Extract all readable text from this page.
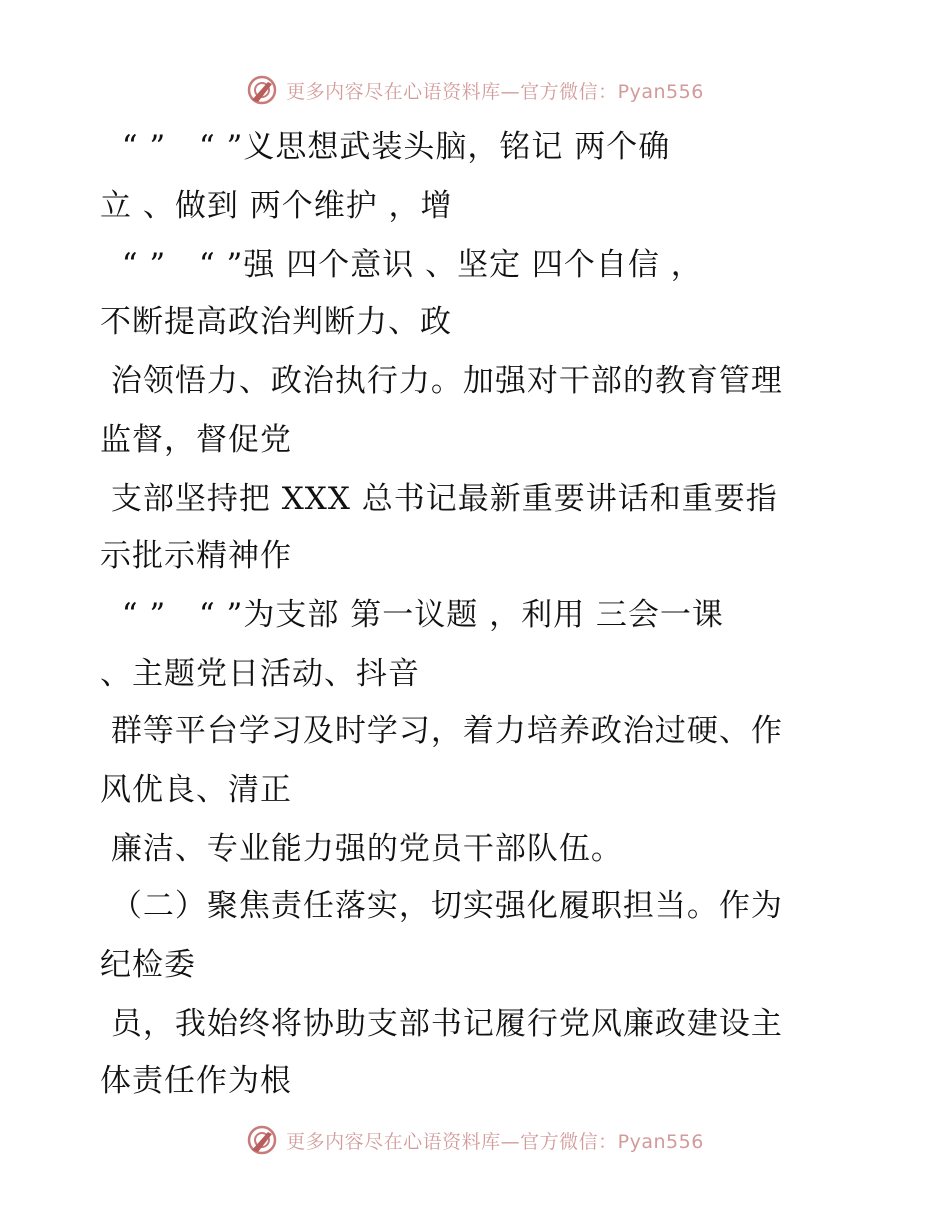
更多内容尽在心语资料库—官方微信：Pyan556
“ ”   “ ”义思想武装头脑，铭记 两个确
立 、做到 两个维护 ，增
“ ”   “ ”强 四个意识 、坚定 四个自信 ，
不断提高政治判断力、政
治领悟力、政治执行力。加强对干部的教育管理
监督，督促党
支部坚持把 XXX 总书记最新重要讲话和重要指
示批示精神作
“ ”   “ ”为支部 第一议题 ，利用 三会一课
、主题党日活动、抖音
群等平台学习及时学习，着力培养政治过硬、作
风优良、清正
廉洁、专业能力强的党员干部队伍。
（二）聚焦责任落实，切实强化履职担当。作为
纪检委
员，我始终将协助支部书记履行党风廉政建设主
体责任作为根
更多内容尽在心语资料库—官方微信：Pyan556
